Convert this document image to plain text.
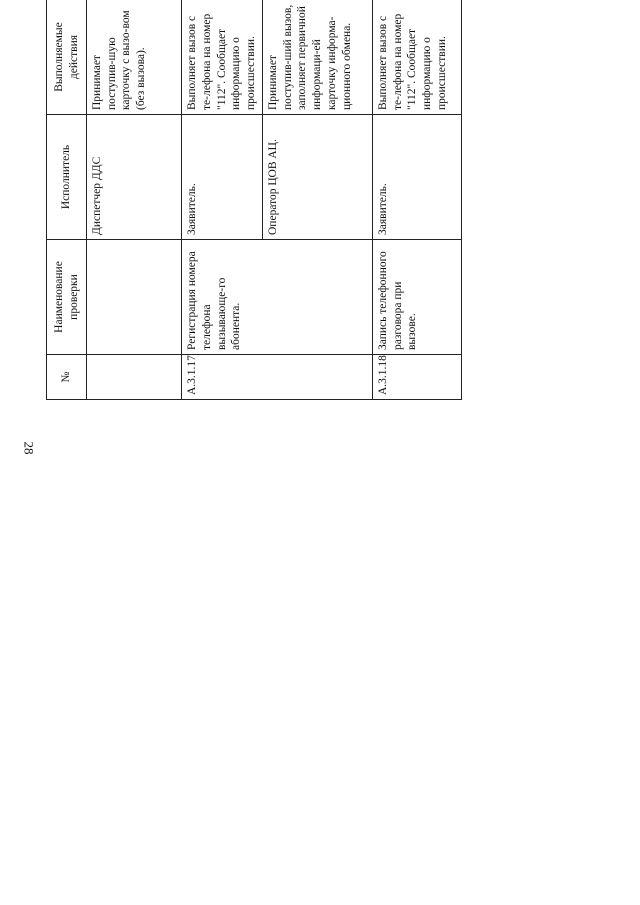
28
№	Наименование проверки	Исполнитель	Выполняемые действия			
		Диспетчер ДДС	Принимает поступив-шую карточку с вызо-вом (без вызова).			
А.3.1.17	Регистрация номера телефона вызывающе-го абонента.	Заявитель.	Выполняет вызов с те-лефона на номер "112". Сообщает информацию о происшествии.			
		Оператор ЦОВ АЦ.	Принимает поступив-ший вызов, заполняет первичной информаци-ей карточку информа-ционного обмена.		
А.3.1.18	Запись телефонного разговора при вызове.	Заявитель.	Выполняет вызов с те-лефона на номер "112". Сообщает информацию о происшествии.			
